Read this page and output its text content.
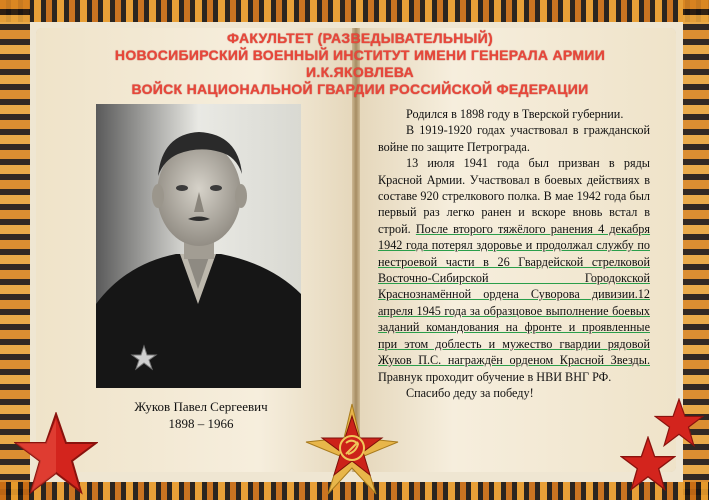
ФАКУЛЬТЕТ (РАЗВЕДЫВАТЕЛЬНЫЙ)
НОВОСИБИРСКИЙ ВОЕННЫЙ ИНСТИТУТ ИМЕНИ ГЕНЕРАЛА АРМИИ И.К.ЯКОВЛЕВА
ВОЙСК НАЦИОНАЛЬНОЙ ГВАРДИИ РОССИЙСКОЙ ФЕДЕРАЦИИ
Жуков Павел Сергеевич
1898 – 1966

Родился в 1898 году в Тверской губернии.

В 1919-1920 годах участвовал в гражданской войне по защите Петрограда.

13 июля 1941 года был призван в ряды Красной Армии. Участвовал в боевых действиях в составе 920 стрелкового полка. В мае 1942 года был первый раз легко ранен и вскоре вновь встал в строй. После второго тяжёлого ранения 4 декабря 1942 года потерял здоровье и продолжал службу по нестроевой части в 26 Гвардейской стрелковой Восточно-Сибирской Городокской Краснознамённой ордена Суворова дивизии.12 апреля 1945 года за образцовое выполнение боевых заданий командования на фронте и проявленные при этом доблесть и мужество гвардии рядовой Жуков П.С. награждён орденом Красной Звезды. Правнук проходит обучение в НВИ ВНГ РФ.

Спасибо деду за победу!
